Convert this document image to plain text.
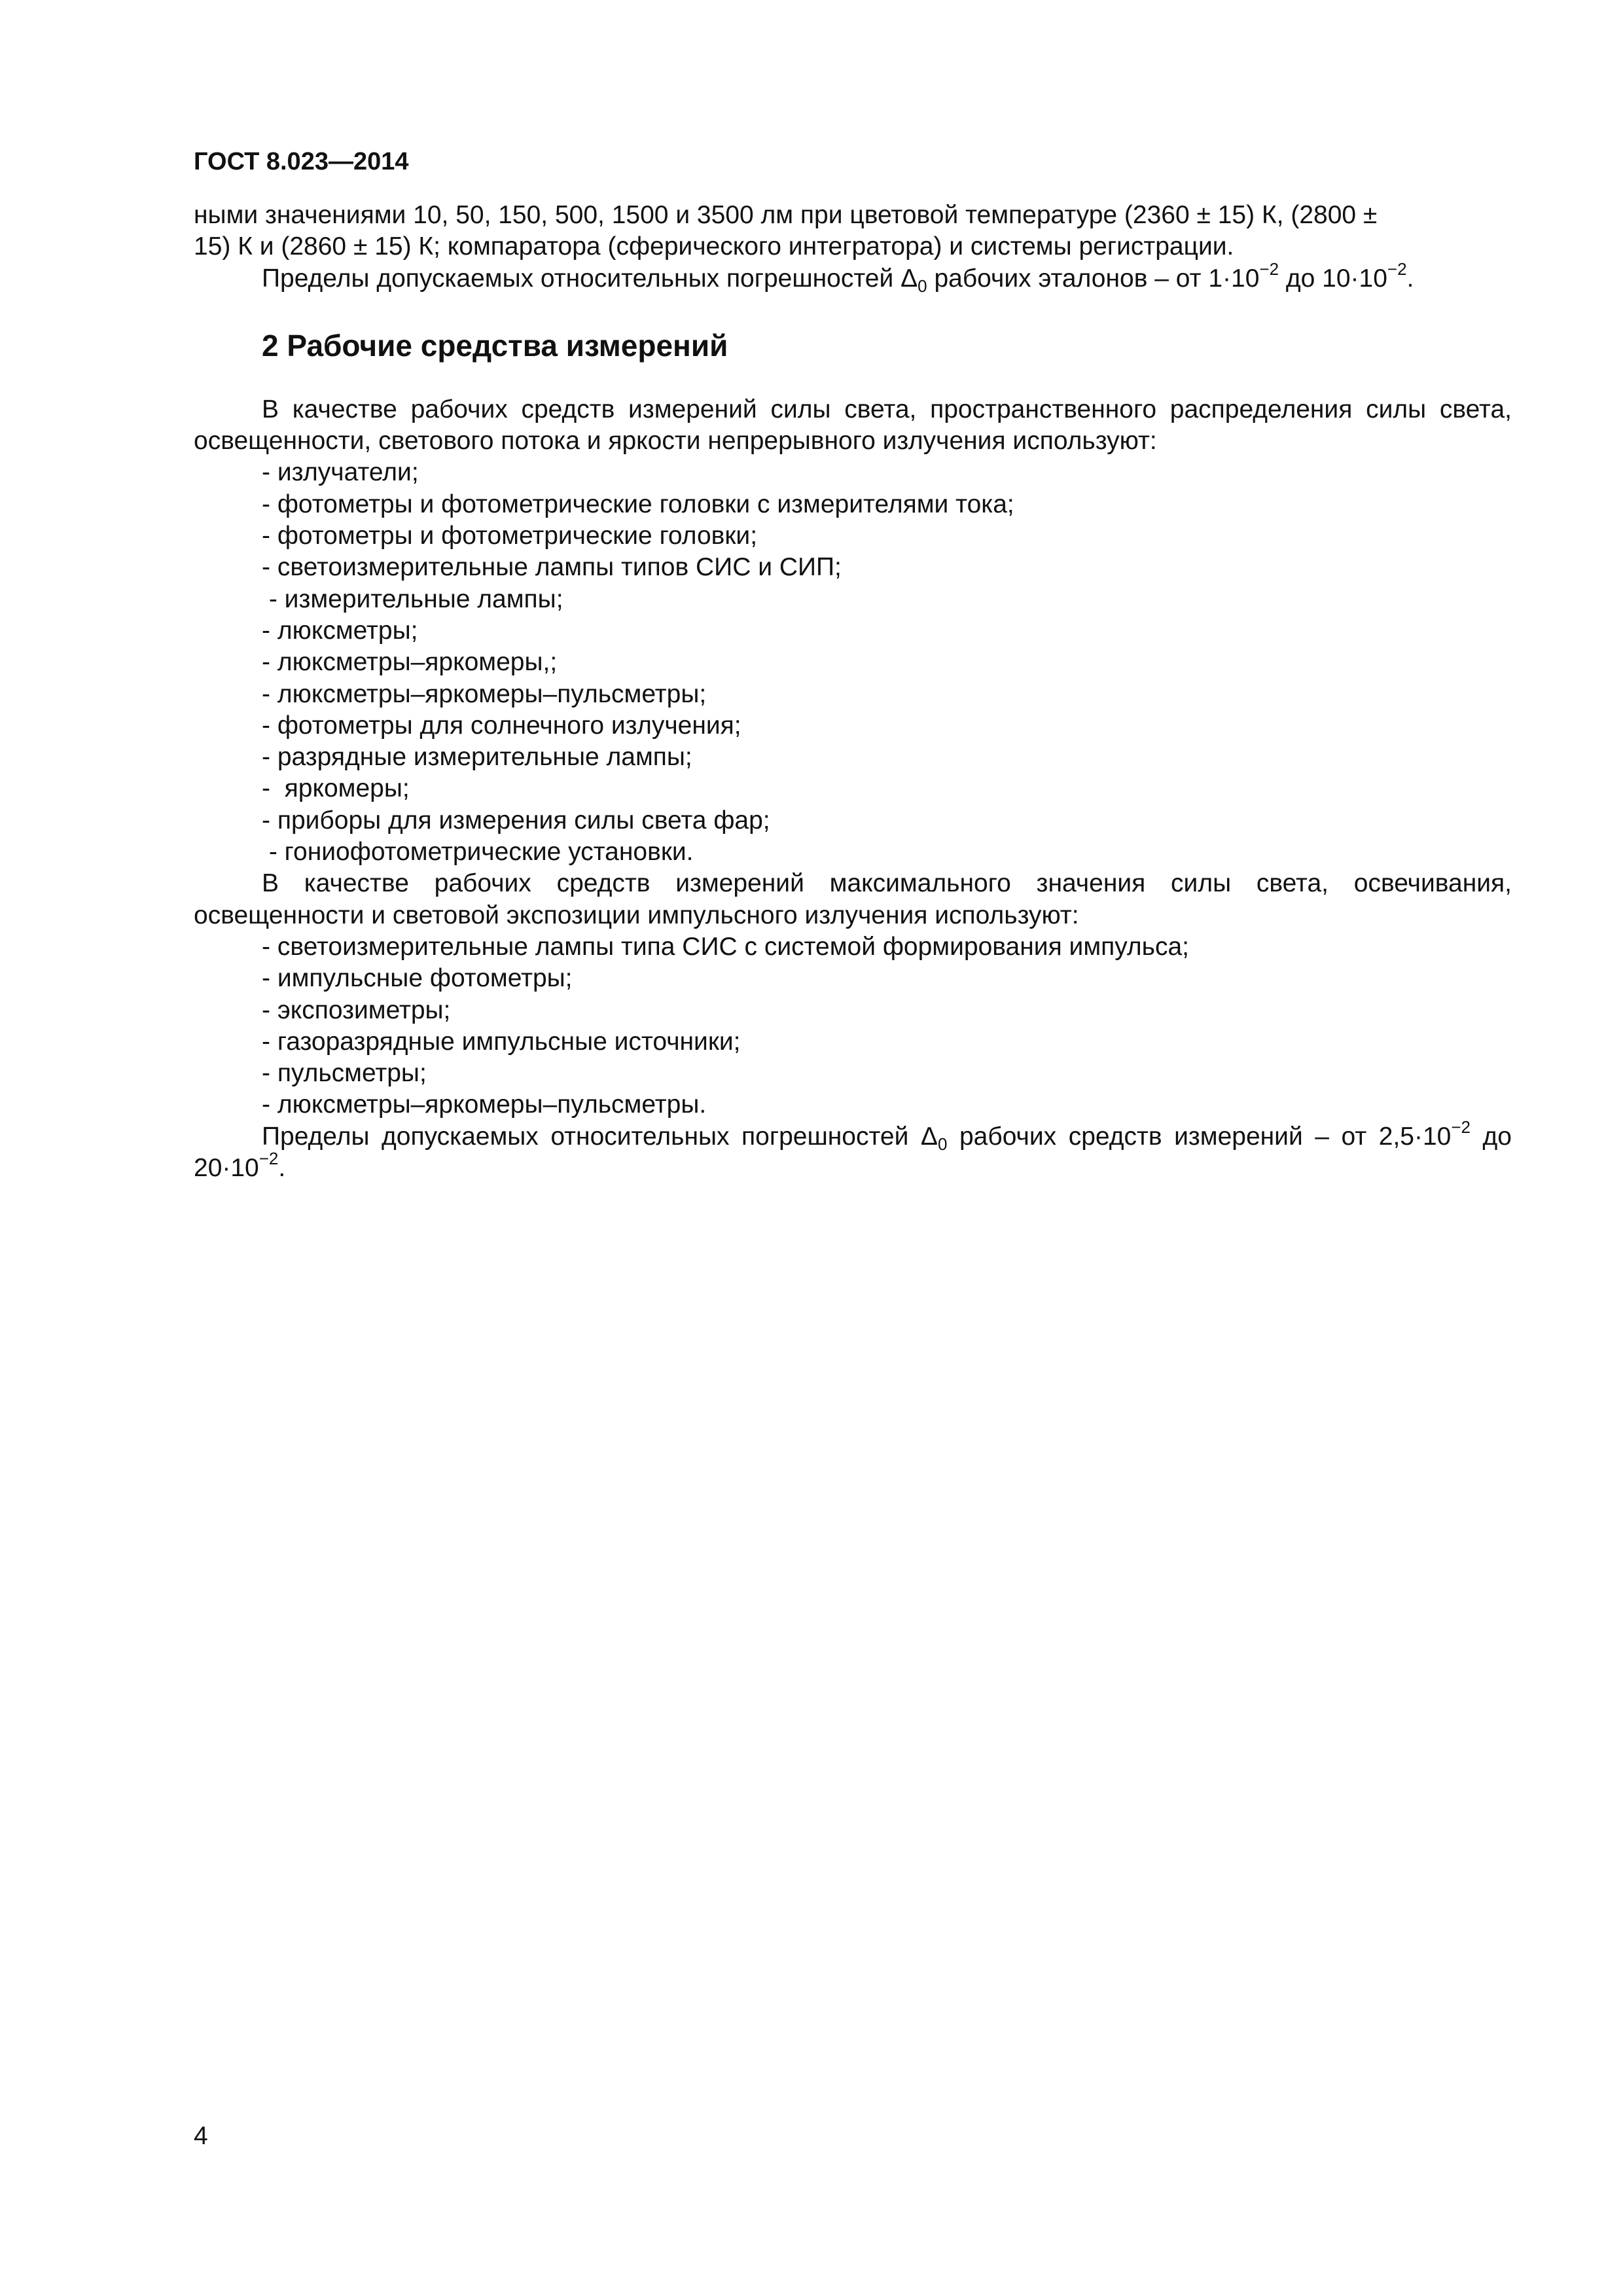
ГОСТ 8.023—2014

ными значениями 10, 50, 150, 500, 1500 и 3500 лм при цветовой температуре (2360 ± 15) К, (2800 ±

15) К и (2860 ± 15) К; компаратора (сферического интегратора) и системы регистрации.

Пределы допускаемых относительных погрешностей $\Delta_0$ рабочих эталонов – от $1\cdot 10^{-2}$ до $10\cdot 10^{-2}$.

2 Рабочие средства измерений

В качестве рабочих средств измерений силы света, пространственного распределения силы света, освещенности, светового потока и яркости непрерывного излучения используют:

- излучатели;

- фотометры и фотометрические головки с измерителями тока;

- фотометры и фотометрические головки;

- светоизмерительные лампы типов СИС и СИП;

- измерительные лампы;

- люксметры;

- люксметры–яркомеры,;

- люксметры–яркомеры–пульсметры;

- фотометры для солнечного излучения;

- разрядные измерительные лампы;

-  яркомеры;

- приборы для измерения силы света фар;

- гониофотометрические установки.

В качестве рабочих средств измерений максимального значения силы света, освечивания, освещенности и световой экспозиции импульсного излучения используют:

- светоизмерительные лампы типа СИС с системой формирования импульса;

- импульсные фотометры;

- экспозиметры;

- газоразрядные импульсные источники;

- пульсметры;

- люксметры–яркомеры–пульсметры.

Пределы допускаемых относительных погрешностей $\Delta_0$ рабочих средств измерений – от $2,5\cdot 10^{-2}$ до $20\cdot 10^{-2}$.

4
